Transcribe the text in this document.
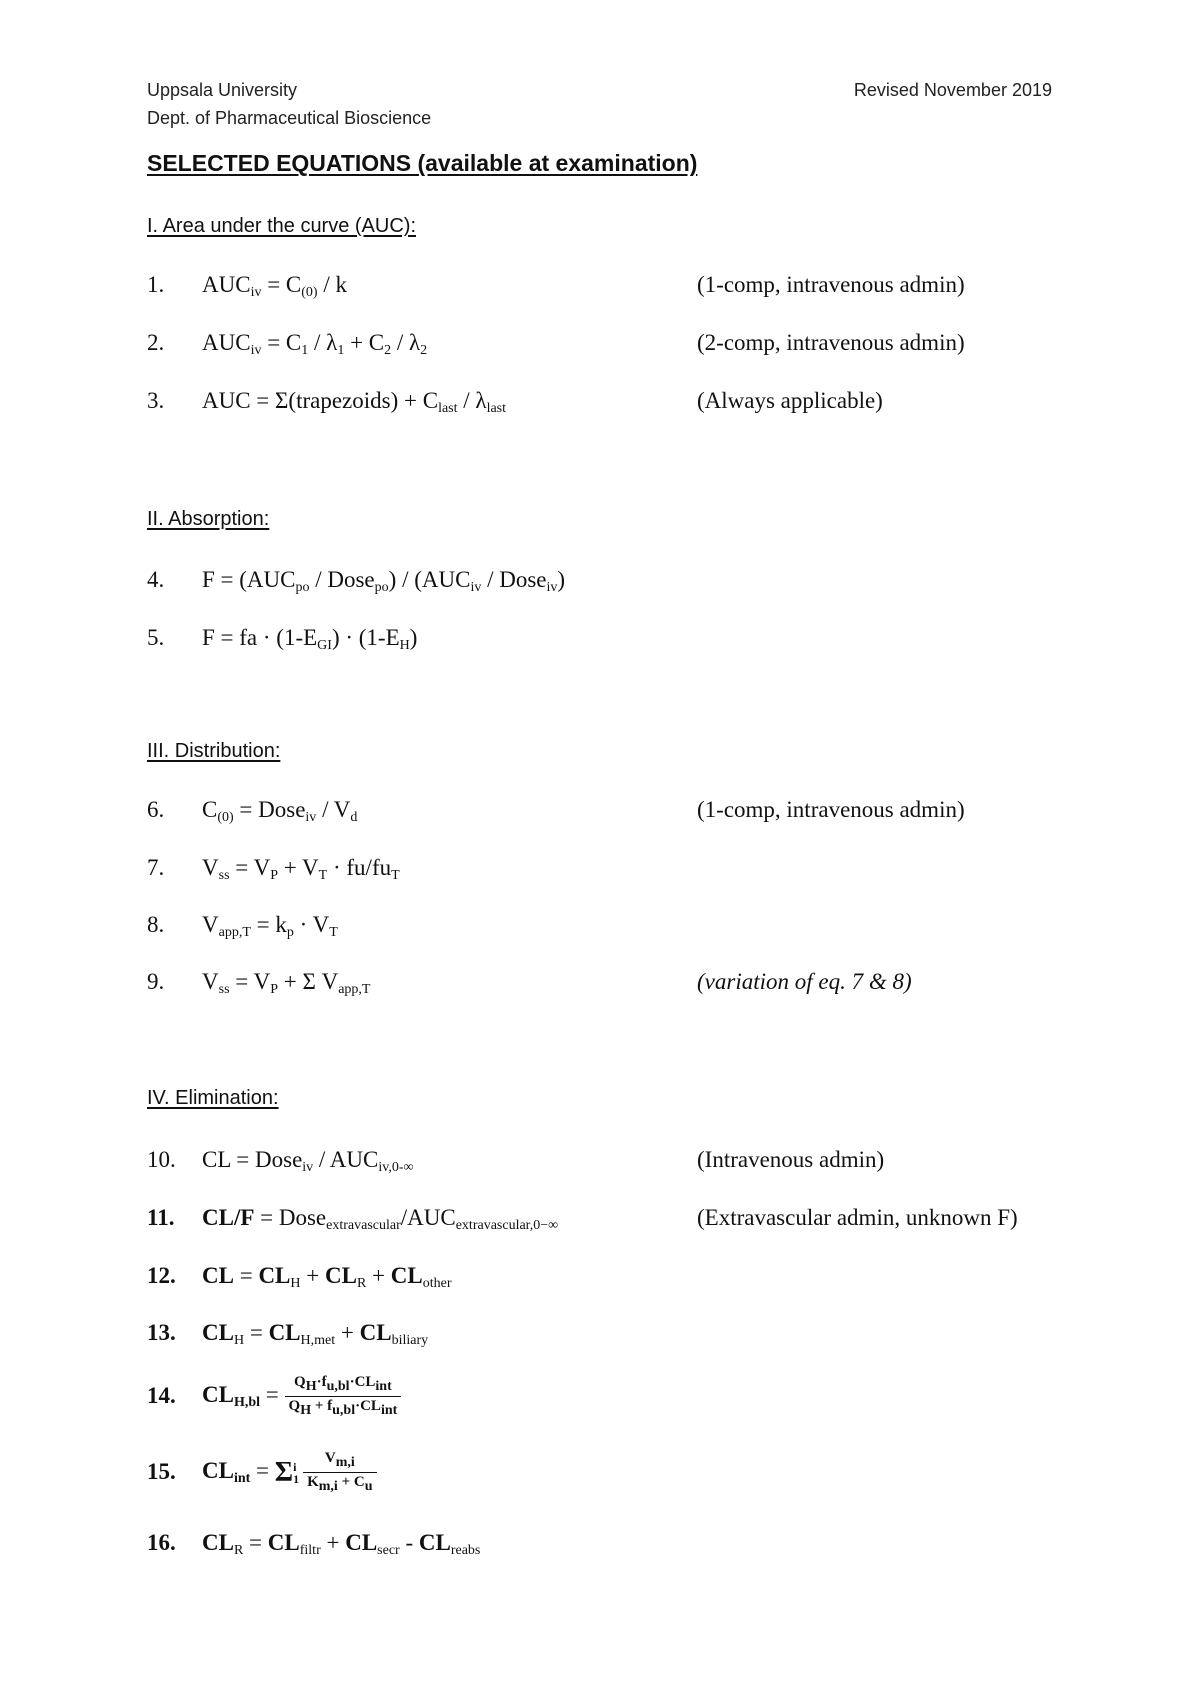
Uppsala University
Dept. of Pharmaceutical Bioscience
Revised November 2019
SELECTED EQUATIONS (available at examination)
I. Area under the curve (AUC):
1. $AUC_{iv} = C_{(0)} / k$	(1-comp, intravenous admin)
2. $AUC_{iv} = C_1 / \lambda_1 + C_2 / \lambda_2$	(2-comp, intravenous admin)
3. AUC = Σ(trapezoids) + $C_{last} / \lambda_{last}$	(Always applicable)
II. Absorption:
4. $F = (AUC_{po}$ / Dose$_{po}$) / ($AUC_{iv}$ / Dose$_{iv}$)
5. F = fa · $(1-E_{GI}) \cdot (1-E_H)$
III. Distribution:
6. $C_{(0)}$ = Dose$_{iv}$ / $V_d$	(1-comp, intravenous admin)
7. $V_{ss} = V_P + V_T \cdot fu/fu_T$
8. $V_{app,T} = k_p \cdot V_T$
9. $V_{ss} = V_P + \Sigma$ $V_{app,T}$	(variation of eq. 7 & 8)
IV. Elimination:
10. CL = Dose$_{iv}$ / $AUC_{iv,0-\infty}$	(Intravenous admin)
11. $CL/F = Dose_{extravascular}/AUC_{extravascular,0-\infty}$	(Extravascular admin, unknown F)
12. CL = $CL_H + CL_R + CL_{other}$
13. $CL_H = CL_{H,met} + CL_{biliary}$
14. $CL_{H,bl} = \frac{Q_H\cdot f_{u,bl}\cdot CL_{int}}{Q_H + f_{u,bl}\cdot CL_{int}}$
15. $CL_{int} = \Sigma i$
$1 \frac{V_{m,i}}{K_{m,i} + C_u}$
16. $CL_R = CL_{filtr} + CL_{secr} - CL_{reabs}$
